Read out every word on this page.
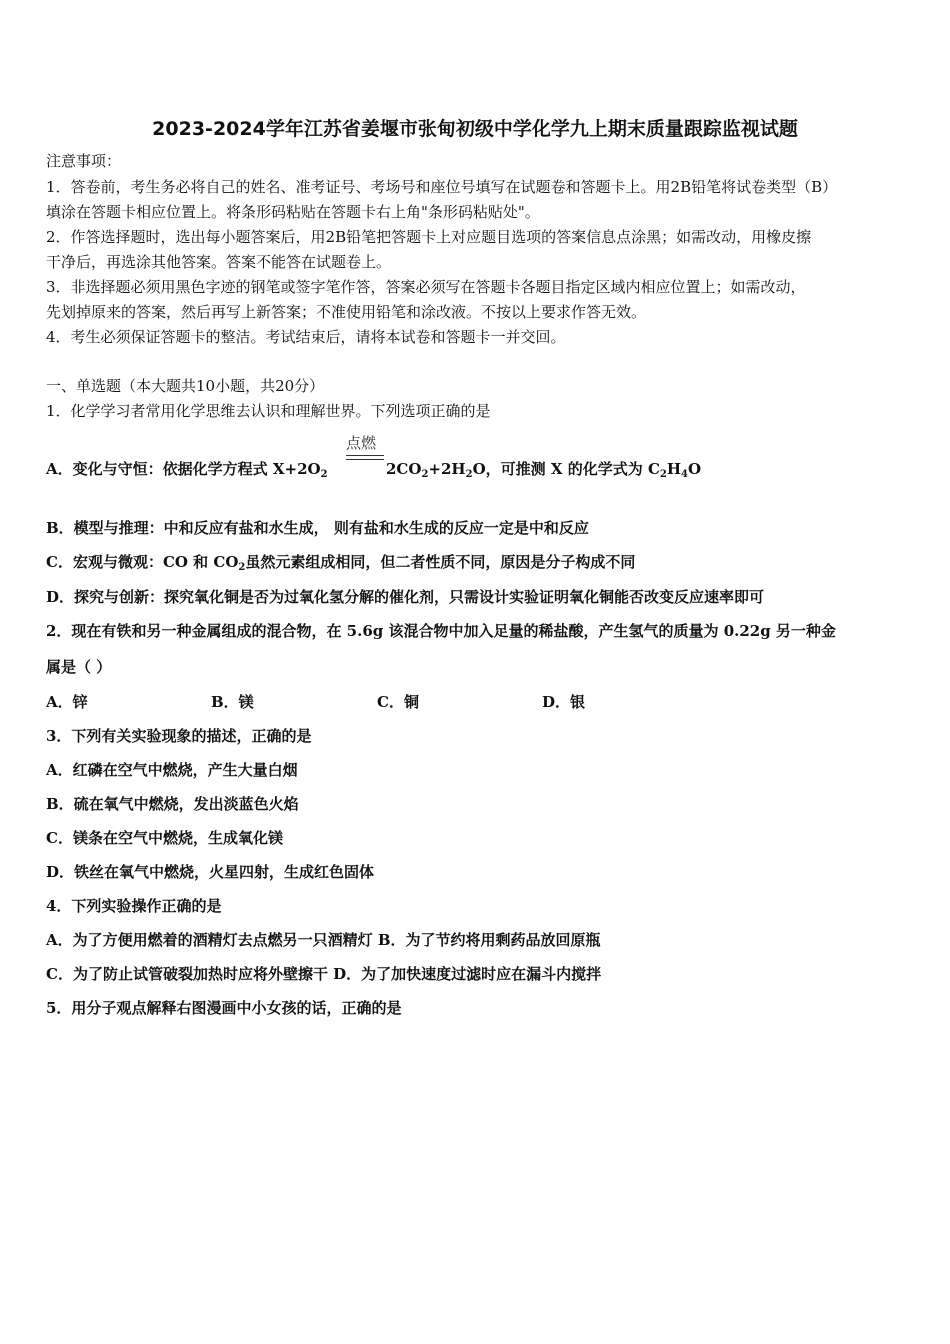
2023-2024学年江苏省姜堰市张甸初级中学化学九上期末质量跟踪监视试题
注意事项：
1．答卷前，考生务必将自己的姓名、准考证号、考场号和座位号填写在试题卷和答题卡上。用2B铅笔将试卷类型（B）
填涂在答题卡相应位置上。将条形码粘贴在答题卡右上角"条形码粘贴处"。
2．作答选择题时，选出每小题答案后，用2B铅笔把答题卡上对应题目选项的答案信息点涂黑；如需改动，用橡皮擦
干净后，再选涂其他答案。答案不能答在试题卷上。
3．非选择题必须用黑色字迹的钢笔或签字笔作答，答案必须写在答题卡各题目指定区域内相应位置上；如需改动，
先划掉原来的答案，然后再写上新答案；不准使用铅笔和涂改液。不按以上要求作答无效。
4．考生必须保证答题卡的整洁。考试结束后，请将本试卷和答题卡一并交回。
一、单选题（本大题共10小题，共20分）
1．化学学习者常用化学思维去认识和理解世界。下列选项正确的是
点燃
A．变化与守恒：依据化学方程式 $X+2O_2$	$2CO_2+2H_2O$，可推测 X 的化学式为 $C_2H_4O$
B．模型与推理：中和反应有盐和水生成， 则有盐和水生成的反应一定是中和反应
C．宏观与微观：CO 和 $CO_2$虽然元素组成相同，但二者性质不同，原因是分子构成不同
D．探究与创新：探究氧化铜是否为过氧化氢分解的催化剂，只需设计实验证明氧化铜能否改变反应速率即可
2．现在有铁和另一种金属组成的混合物，在 5.6g 该混合物中加入足量的稀盐酸，产生氢气的质量为 0.22g 另一种金
属是（ ）
A．锌	B．镁	C．铜	D．银
3．下列有关实验现象的描述，正确的是
A．红磷在空气中燃烧，产生大量白烟
B．硫在氧气中燃烧，发出淡蓝色火焰
C．镁条在空气中燃烧，生成氧化镁
D．铁丝在氧气中燃烧，火星四射，生成红色固体
4．下列实验操作正确的是
A．为了方便用燃着的酒精灯去点燃另一只酒精灯 B．为了节约将用剩药品放回原瓶
C．为了防止试管破裂加热时应将外壁擦干 D．为了加快速度过滤时应在漏斗内搅拌
5．用分子观点解释右图漫画中小女孩的话，正确的是
